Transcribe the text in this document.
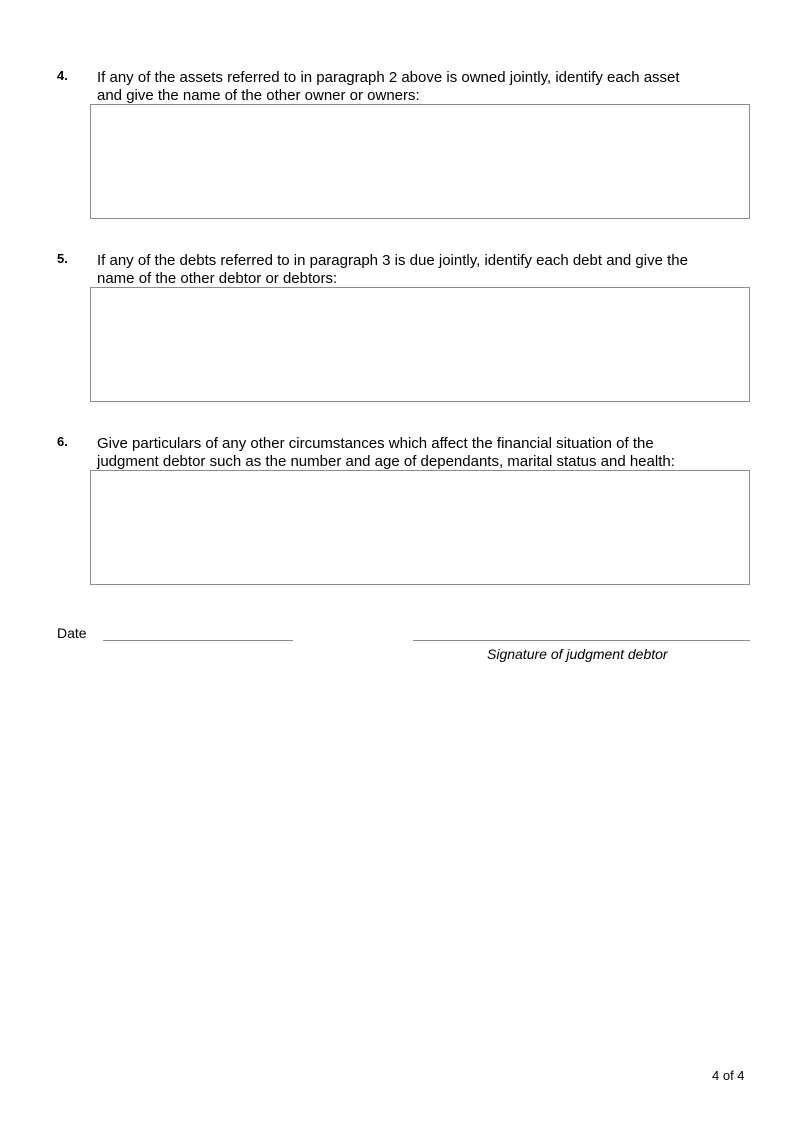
4. If any of the assets referred to in paragraph 2 above is owned jointly, identify each asset
and give the name of the other owner or owners:
5. If any of the debts referred to in paragraph 3 is due jointly, identify each debt and give the
name of the other debtor or debtors:
6. Give particulars of any other circumstances which affect the financial situation of the
judgment debtor such as the number and age of dependants, marital status and health:
Date
Signature of judgment debtor
4 of 4
